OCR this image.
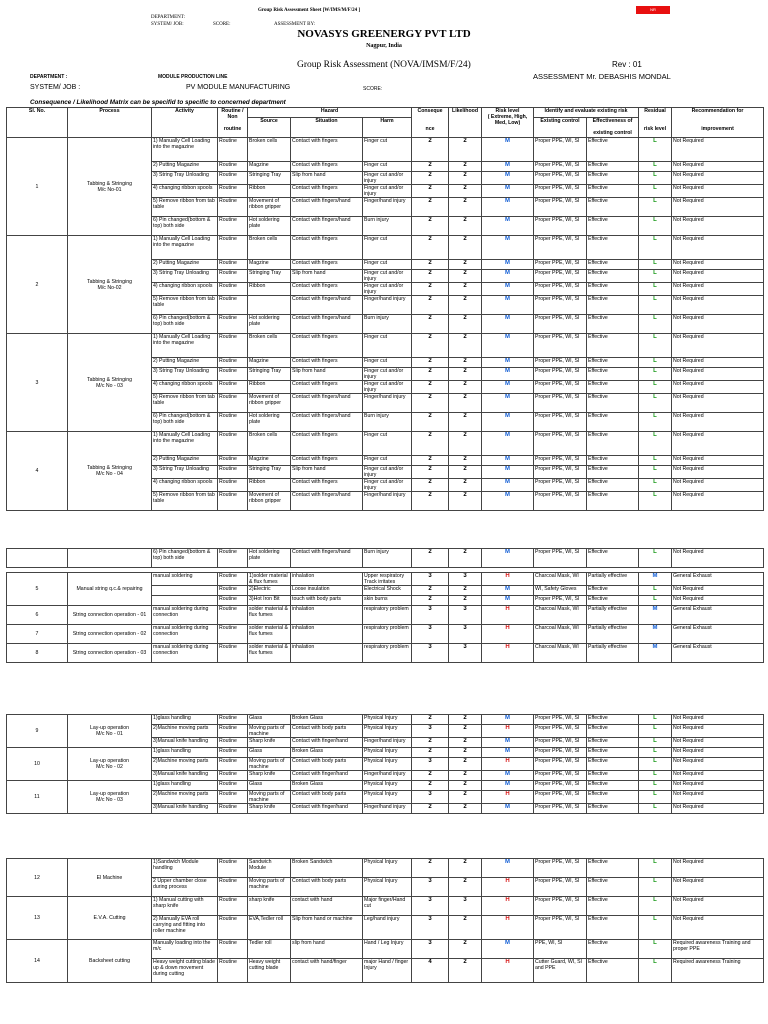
Group Risk Assessment Sheet [W/IMS/M/F/24 ]	NR
DEPARTMENT:
SYSTEM/ JOB:	SCORE:	ASSESSMENT BY:
NOVASYS GREENERGY PVT LTD
Nagpur, India
Group Risk Assessment (NOVA/IMSM/F/24)	Rev : 01
ASSESSMENT Mr. DEBASHIS MONDAL
DEPARTMENT :	MODULE PRODUCTION LINE
SYSTEM/ JOB :	PV MODULE MANUFACTURING	SCORE:
Consequence / Likelihood Matrix can be specifid to specific to concerned department
Sl. No.	Process	Activity	Routine /
Non

routine	Hazard			Conseque

nce	Likelihood	Risk level
( Extreme, High,
Med, Low)	Identify and evaluate existing risk		Residual

risk level	Recommendation for

improvement
				Source	Situation	Harm				Existing control	Effectiveness of

existing control		
1	Tabbing & Stringing
M/c No-01	1) Manually Cell Loading into the magazine	Routine	Broken cells	Contact with fingers	Finger cut	2	2	M	Proper PPE, WI, SI	Effective	L	Not Required
		2) Putting Magazine	Routine	Magzine	Contact with fingers	Finger cut	2	2	M	Proper PPE, WI, SI	Effective	L	Not Required
		3) String Tray Unloading	Routine	Stringing Tray	Slip from hand	Finger cut and/or injury	2	2	M	Proper PPE, WI, SI	Effective	L	Not Required
		4) changing ribbon spools	Routine	Ribbon	Contact with fingers	Finger cut and/or injury	2	2	M	Proper PPE, WI, SI	Effective	L	Not Required
		5) Remove ribbon from tab table	Routine	Movement of ribbon gripper	Contact with fingers/hand	Finger/hand injury	2	2	M	Proper PPE, WI, SI	Effective	L	Not Required
		6) Pin changed(bottom & top) both side	Routine	Hot soldering plate	Contact with fingers/hand	Burn injury	2	2	M	Proper PPE, WI, SI	Effective	L	Not Required
2	Tabbing & Stringing
M/c No-02	1) Manually Cell Loading into the magazine	Routine	Broken cells	Contact with fingers	Finger cut	2	2	M	Proper PPE, WI, SI	Effective	L	Not Required
		2) Putting Magazine	Routine	Magzine	Contact with fingers	Finger cut	2	2	M	Proper PPE, WI, SI	Effective	L	Not Required
		3) String Tray Unloading	Routine	Stringing Tray	Slip from hand	Finger cut and/or injury	2	2	M	Proper PPE, WI, SI	Effective	L	Not Required
		4) changing ribbon spools	Routine	Ribbon	Contact with fingers	Finger cut and/or injury	2	2	M	Proper PPE, WI, SI	Effective	L	Not Required
		5) Remove ribbon from tab table	Routine		Contact with fingers/hand	Finger/hand injury	2	2	M	Proper PPE, WI, SI	Effective	L	Not Required
		6) Pin changed(bottom & top) both side	Routine	Hot soldering plate	Contact with fingers/hand	Burn injury	2	2	M	Proper PPE, WI, SI	Effective	L	Not Required
3	Tabbing & Stringing
M/c No - 03	1) Manually Cell Loading into the magazine	Routine	Broken cells	Contact with fingers	Finger cut	2	2	M	Proper PPE, WI, SI	Effective	L	Not Required
		2) Putting Magazine	Routine	Magzine	Contact with fingers	Finger cut	2	2	M	Proper PPE, WI, SI	Effective	L	Not Required
		3) String Tray Unloading	Routine	Stringing Tray	Slip from hand	Finger cut and/or injury	2	2	M	Proper PPE, WI, SI	Effective	L	Not Required
		4) changing ribbon spools	Routine	Ribbon	Contact with fingers	Finger cut and/or injury	2	2	M	Proper PPE, WI, SI	Effective	L	Not Required
		5) Remove ribbon from tab table	Routine	Movement of ribbon gripper	Contact with fingers/hand	Finger/hand injury	2	2	M	Proper PPE, WI, SI	Effective	L	Not Required
		6) Pin changed(bottom & top) both side	Routine	Hot soldering plate	Contact with fingers/hand	Burn injury	2	2	M	Proper PPE, WI, SI	Effective	L	Not Required
4	Tabbing & Stringing
M/c No - 04	1) Manually Cell Loading into the magazine	Routine	Broken cells	Contact with fingers	Finger cut	2	2	M	Proper PPE, WI, SI	Effective	L	Not Required
		2) Putting Magazine	Routine	Magzine	Contact with fingers	Finger cut	2	2	M	Proper PPE, WI, SI	Effective	L	Not Required
		3) String Tray Unloading	Routine	Stringing Tray	Slip from hand	Finger cut and/or injury	2	2	M	Proper PPE, WI, SI	Effective	L	Not Required
		4) changing ribbon spools	Routine	Ribbon	Contact with fingers	Finger cut and/or injury	2	2	M	Proper PPE, WI, SI	Effective	L	Not Required
		5) Remove ribbon from tab table	Routine	Movement of ribbon gripper	Contact with fingers/hand	Finger/hand injury	2	2	M	Proper PPE, WI, SI	Effective	L	Not Required
		6) Pin changed(bottom & top) both side	Routine	Hot soldering plate	Contact with fingers/hand	Burn injury	2	2	M	Proper PPE, WI, SI	Effective	L	Not Required
5	Manual string q.c.& repairing	manual soldering	Routine	1)solder material & flux fumes	inhalation	Upper respiratory Track irritates	3	3	H	Charcoal Mask, WI	Partially effective	M	General Exhaust
			Routine	2)Electric	Loose insulation	Electrical Shock	2	2	M	WI, Safety Gloves	Effective	L	Not Required
			Routine	3)Hot Iron Bit	touch with body parts	skin burns	2	2	M	Proper PPE, WI, SI	Effective	L	Not Required
6	String connection operation - 01	manual soldering during connection	Routine	solder material & flux fumes	inhalation	respiratory problem	3	3	H	Charcoal Mask, WI	Partially effective	M	General Exhaust
7	String connection operation - 02	manual soldering during connection	Routine	solder material & flux fumes	inhalation	respiratory problem	3	3	H	Charcoal Mask, WI	Partially effective	M	General Exhaust
8	String connection operation - 03	manual soldering during connection	Routine	solder material & flux fumes	inhalation	respiratory problem	3	3	H	Charcoal Mask, WI	Partially effective	M	General Exhaust
9	Lay-up operation
M/c No - 01	1)glass handling	Routine	Glass	Broken Glass	Physical Injury	2	2	M	Proper PPE, WI, SI	Effective	L	Not Required
		2)Machine moving parts	Routine	Moving parts of machine	Contact with body parts	Physical Injury	3	2	H	Proper PPE, WI, SI	Effective	L	Not Required
		3)Manual knife handling	Routine	Sharp knife	Contact with finger/hand	Finger/hand injury	2	2	M	Proper PPE, WI, SI	Effective	L	Not Required
10	Lay-up operation
M/c No - 02	1)glass handling	Routine	Glass	Broken Glass	Physical Injury	2	2	M	Proper PPE, WI, SI	Effective	L	Not Required
		2)Machine moving parts	Routine	Moving parts of machine	Contact with body parts	Physical Injury	3	2	H	Proper PPE, WI, SI	Effective	L	Not Required
		3)Manual knife handling	Routine	Sharp knife	Contact with finger/hand	Finger/hand injury	2	2	M	Proper PPE, WI, SI	Effective	L	Not Required
11	Lay-up operation
M/c No - 03	1)glass handling	Routine	Glass	Broken Glass	Physical Injury	2	2	M	Proper PPE, WI, SI	Effective	L	Not Required
		2)Machine moving parts	Routine	Moving parts of machine	Contact with body parts	Physical Injury	3	2	H	Proper PPE, WI, SI	Effective	L	Not Required
		3)Manual knife handling	Routine	Sharp knife	Contact with finger/hand	Finger/hand injury	2	2	M	Proper PPE, WI, SI	Effective	L	Not Required
12	El Machine	1)Sandwich Module handling	Routine	Sandwich Module	Broken Sandwich	Physical Injury	2	2	M	Proper PPE, WI, SI	Effective	L	Not Required
		2 Upper chamber close during process	Routine	Moving parts of machine	Contact with body parts	Physical Injury	3	2	H	Proper PPE, WI, SI	Effective	L	Not Required
13	E.V.A. Cutting	1) Manual cutting with sharp knife	Routine	sharp knife	contact with hand	Major finger/Hand cut	3	3	H	Proper PPE, WI, SI	Effective	L	Not Required
		2) Manually EVA roll carrying and fitting into roller machine	Routine	EVA,Tedler roll	Slip from hand or machine	Leg/hand injury	3	2	H	Proper PPE, WI, SI	Effective	L	Not Required
14	Backsheet cutting	Manually loading into the m/c	Routine	Tedler roll	slip from hand	Hand / Leg Injury	3	2	M	PPE, WI, SI	Effective	L	Required awareness Training and proper PPE
		Heavy weight cutting blade up & down movement during cutting	Routine	Heavy weight cutting blade	contact with hand/finger	major Hand / finger Injury	4	2	H	Cutter Guard, WI, SI and PPE	Effective	L	Required awareness Training
